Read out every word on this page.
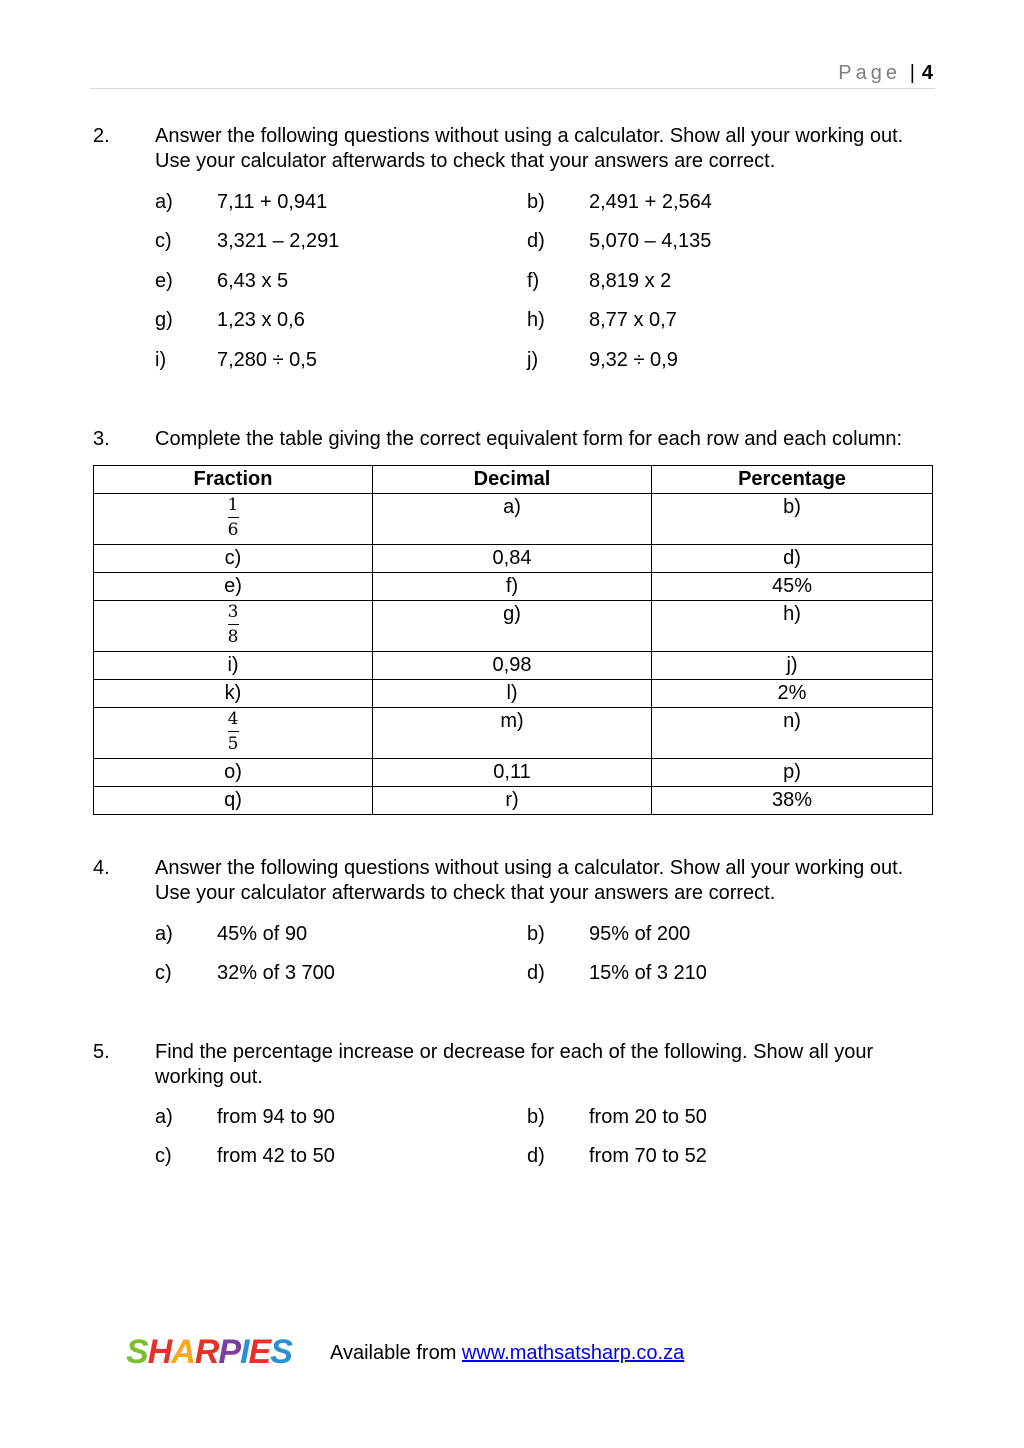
Page | 4
2. Answer the following questions without using a calculator. Show all your working out.
Use your calculator afterwards to check that your answers are correct.
a) 7,11 + 0,941	b) 2,491 + 2,564
c) 3,321 – 2,291	d) 5,070 – 4,135
e) 6,43 x 5	f) 8,819 x 2
g) 1,23 x 0,6	h) 8,77 x 0,7
i)	7,280 ÷ 0,5	j)	9,32 ÷ 0,9
3. Complete the table giving the correct equivalent form for each row and each column:
Fraction	Decimal	Percentage

$\frac{1}{6}$	a)	b)
c)	0,84	d)
e)	f)	45%

$\frac{3}{8}$	g)	h)
i)	0,98	j)
k)	l)	2%

$\frac{4}{5}$	m)	n)
o)	0,11	p)
q)	r)	38%
4. Answer the following questions without using a calculator. Show all your working out.
Use your calculator afterwards to check that your answers are correct.
a) 45% of 90	b) 95% of 200
c) 32% of 3 700	d) 15% of 3 210
5. Find the percentage increase or decrease for each of the following. Show all your
working out.
a) from 94 to 90	b) from 20 to 50
c) from 42 to 50	d) from 70 to 52
SHARPIES Available from www.mathsatsharp.co.za
